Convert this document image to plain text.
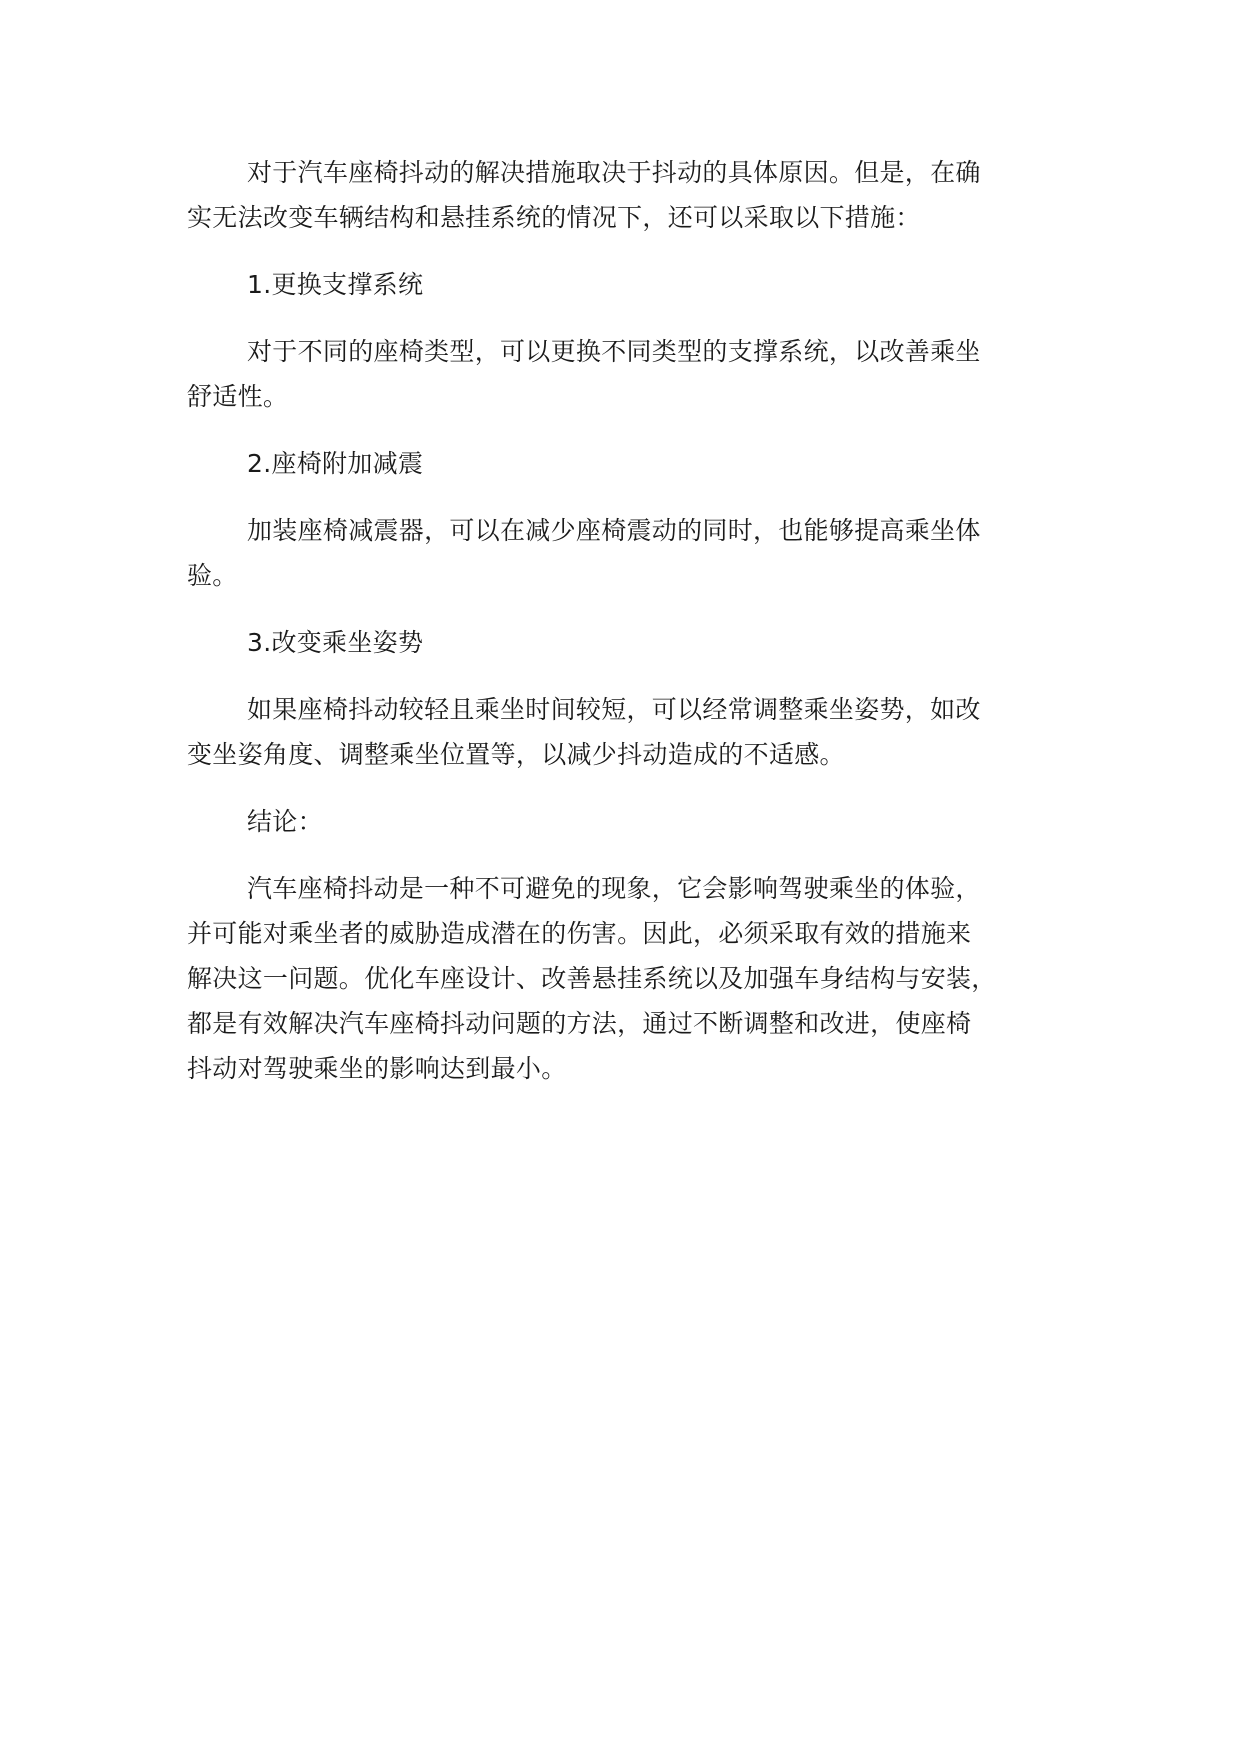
对于汽车座椅抖动的解决措施取决于抖动的具体原因。但是，在确
实无法改变车辆结构和悬挂系统的情况下，还可以采取以下措施：

1.更换支撑系统

对于不同的座椅类型，可以更换不同类型的支撑系统，以改善乘坐
舒适性。

2.座椅附加减震

加装座椅减震器，可以在减少座椅震动的同时，也能够提高乘坐体
验。

3.改变乘坐姿势

如果座椅抖动较轻且乘坐时间较短，可以经常调整乘坐姿势，如改
变坐姿角度、调整乘坐位置等，以减少抖动造成的不适感。

结论：

汽车座椅抖动是一种不可避免的现象，它会影响驾驶乘坐的体验，
并可能对乘坐者的威胁造成潜在的伤害。因此，必须采取有效的措施来
解决这一问题。优化车座设计、改善悬挂系统以及加强车身结构与安装，
都是有效解决汽车座椅抖动问题的方法，通过不断调整和改进，使座椅
抖动对驾驶乘坐的影响达到最小。
